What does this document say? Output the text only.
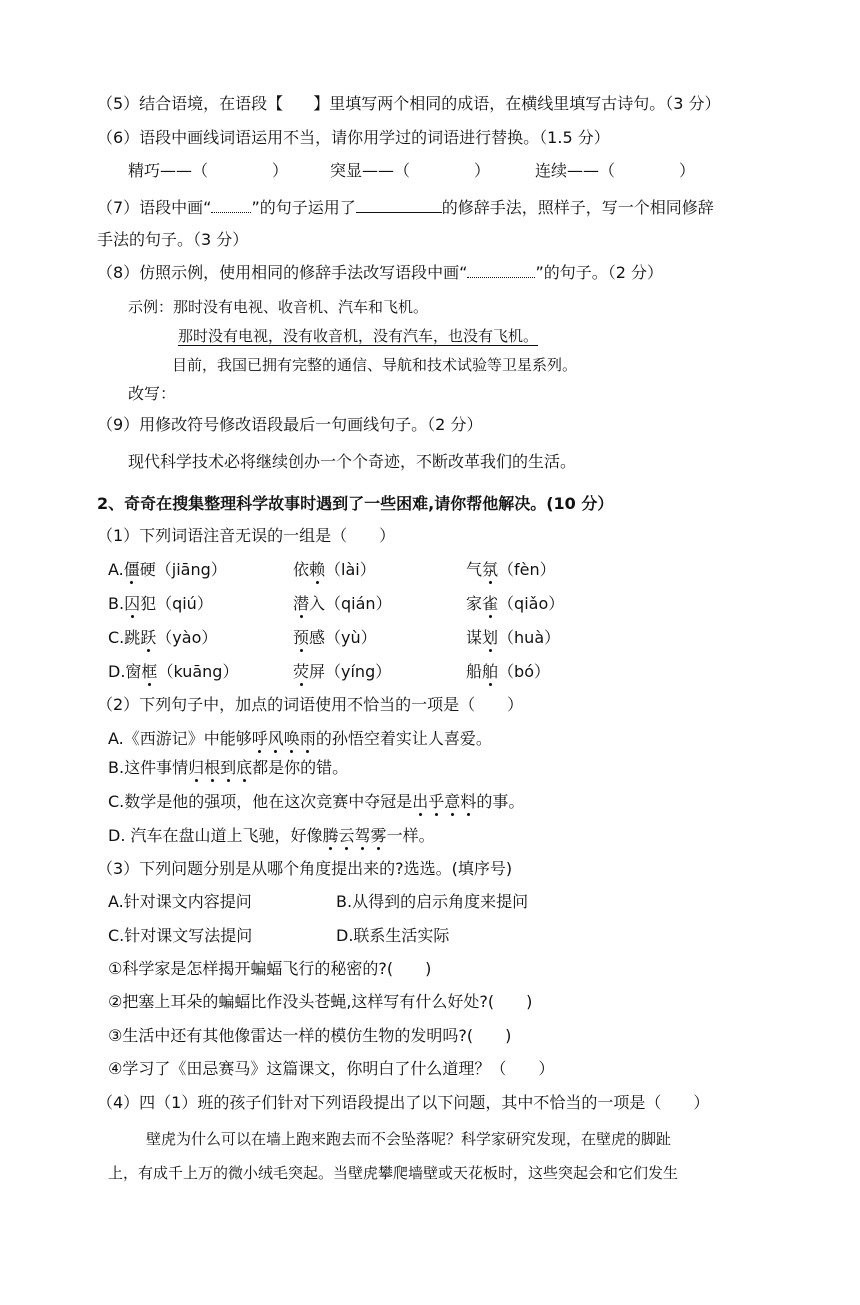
（5）结合语境，在语段【 】里填写两个相同的成语，在横线里填写古诗句。（3 分）
（6）语段中画线词语运用不当，请你用学过的词语进行替换。（1.5 分）
精巧——（	）	突显——（	）	连续——（	）
（7）语段中画“	”的句子运用了	的修辞手法，照样子，写一个相同修辞
手法的句子。（3 分）
（8）仿照示例，使用相同的修辞手法改写语段中画“	”的句子。（2 分）
示例：那时没有电视、收音机、汽车和飞机。
那时没有电视，没有收音机，没有汽车，也没有飞机。
目前，我国已拥有完整的通信、导航和技术试验等卫星系列。
改写：
（9）用修改符号修改语段最后一句画线句子。（2 分）
现代科学技术必将继续创办一个个奇迹，不断改革我们的生活。
2、奇奇在搜集整理科学故事时遇到了一些困难,请你帮他解决。(10 分）
（1）下列词语注音无误的一组是（　　）
A.僵硬（jiāng）	依赖（lài）	气氛（fèn）
B.囚犯（qiú）	潜入（qián）	家雀（qiǎo）
C.跳跃（yào）	预感（yù）	谋划（huà）
D.窗框（kuāng）	荧屏（yíng）	船舶（bó）
（2）下列句子中，加点的词语使用不恰当的一项是（　　）
A.《西游记》中能够呼风唤雨的孙悟空着实让人喜爱。
B.这件事情归根到底都是你的错。
C.数学是他的强项，他在这次竞赛中夺冠是出乎意料的事。
D. 汽车在盘山道上飞驰，好像腾云驾雾一样。
（3）下列问题分别是从哪个角度提出来的?选选。(填序号)
A.针对课文内容提问	B.从得到的启示角度来提问
C.针对课文写法提问	D.联系生活实际
①科学家是怎样揭开蝙蝠飞行的秘密的?(　　)
②把塞上耳朵的蝙蝠比作没头苍蝇,这样写有什么好处?(　　)
③生活中还有其他像雷达一样的模仿生物的发明吗?(　　)
④学习了《田忌赛马》这篇课文，你明白了什么道理？（　　）
（4）四（1）班的孩子们针对下列语段提出了以下问题，其中不恰当的一项是（　　）
壁虎为什么可以在墙上跑来跑去而不会坠落呢？科学家研究发现，在壁虎的脚趾
上，有成千上万的微小绒毛突起。当壁虎攀爬墙壁或天花板时，这些突起会和它们发生
